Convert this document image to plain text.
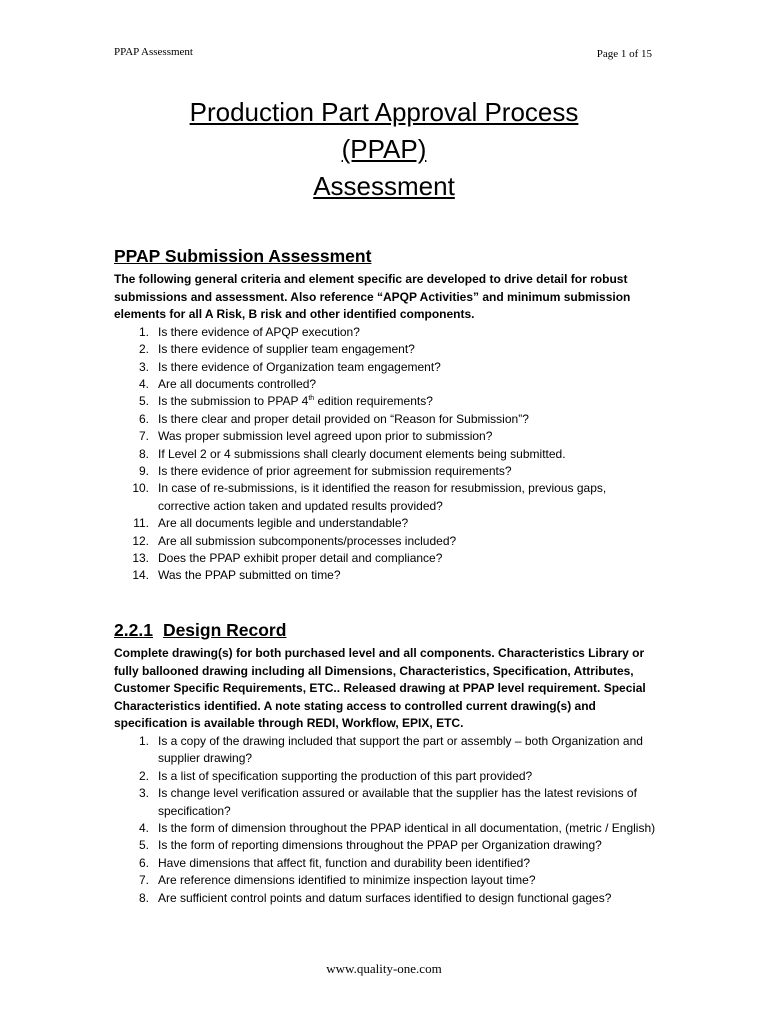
PPAP Assessment	Page 1 of 15
Production Part Approval Process
(PPAP)
Assessment
PPAP Submission Assessment
The following general criteria and element specific are developed to drive detail for robust submissions and assessment. Also reference “APQP Activities” and minimum submission elements for all A Risk, B risk and other identified components.
1. Is there evidence of APQP execution?
2. Is there evidence of supplier team engagement?
3. Is there evidence of Organization team engagement?
4. Are all documents controlled?
5. Is the submission to PPAP 4th edition requirements?
6. Is there clear and proper detail provided on “Reason for Submission”?
7. Was proper submission level agreed upon prior to submission?
8. If Level 2 or 4 submissions shall clearly document elements being submitted.
9. Is there evidence of prior agreement for submission requirements?
10. In case of re-submissions, is it identified the reason for resubmission, previous gaps, corrective action taken and updated results provided?
11. Are all documents legible and understandable?
12. Are all submission subcomponents/processes included?
13. Does the PPAP exhibit proper detail and compliance?
14. Was the PPAP submitted on time?
2.2.1 Design Record
Complete drawing(s) for both purchased level and all components. Characteristics Library or fully ballooned drawing including all Dimensions, Characteristics, Specification, Attributes, Customer Specific Requirements, ETC.. Released drawing at PPAP level requirement. Special Characteristics identified. A note stating access to controlled current drawing(s) and specification is available through REDI, Workflow, EPIX, ETC.
1. Is a copy of the drawing included that support the part or assembly – both Organization and supplier drawing?
2. Is a list of specification supporting the production of this part provided?
3. Is change level verification assured or available that the supplier has the latest revisions of specification?
4. Is the form of dimension throughout the PPAP identical in all documentation, (metric / English)
5. Is the form of reporting dimensions throughout the PPAP per Organization drawing?
6. Have dimensions that affect fit, function and durability been identified?
7. Are reference dimensions identified to minimize inspection layout time?
8. Are sufficient control points and datum surfaces identified to design functional gages?
www.quality-one.com
